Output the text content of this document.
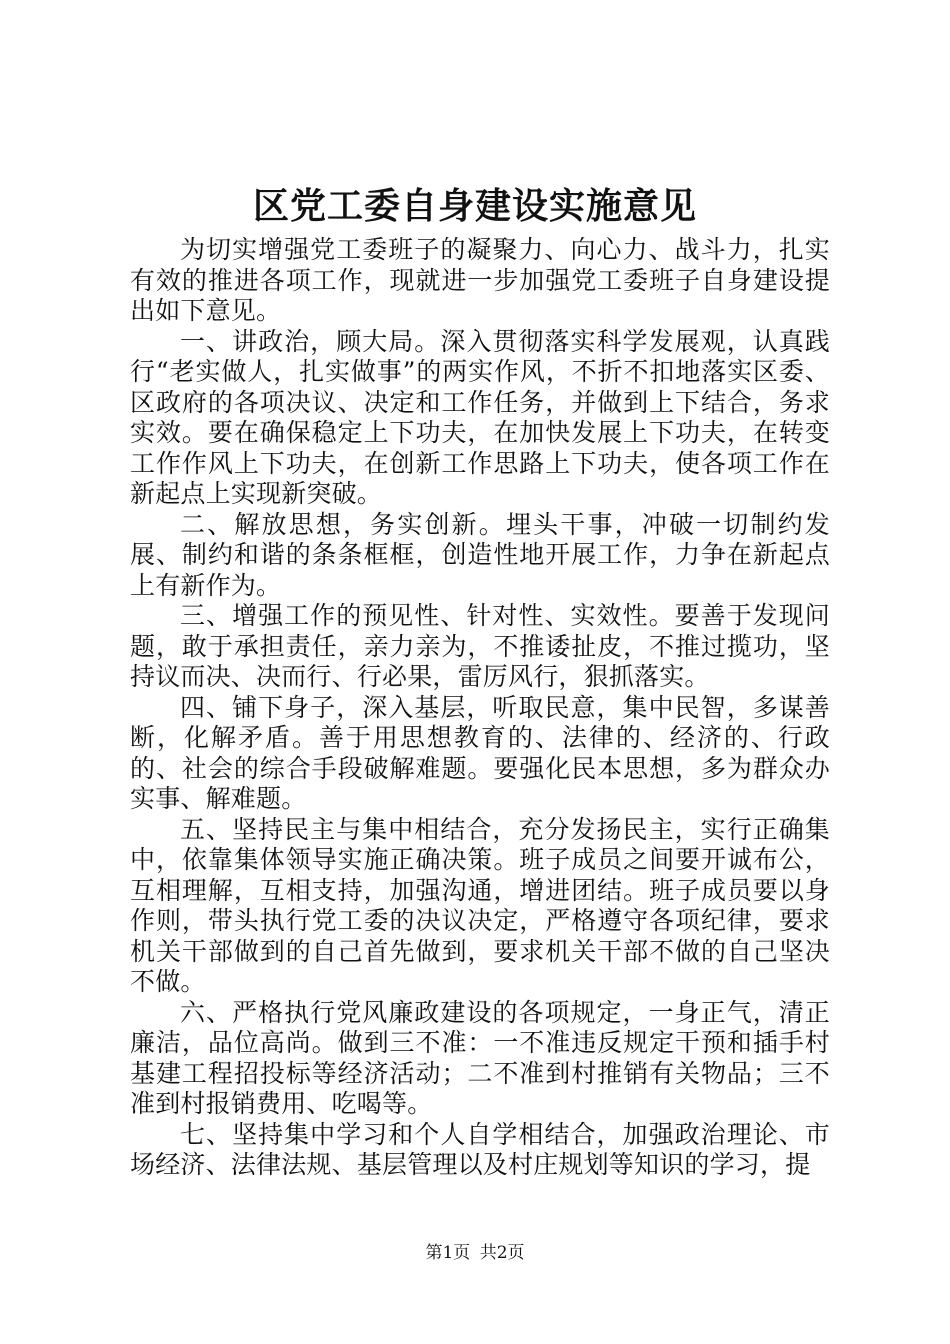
区党工委自身建设实施意见

为切实增强党工委班子的凝聚力、向心力、战斗力，扎实有效的推进各项工作，现就进一步加强党工委班子自身建设提出如下意见。

一、讲政治，顾大局。深入贯彻落实科学发展观，认真践行“老实做人，扎实做事”的两实作风，不折不扣地落实区委、区政府的各项决议、决定和工作任务，并做到上下结合，务求实效。要在确保稳定上下功夫，在加快发展上下功夫，在转变工作作风上下功夫，在创新工作思路上下功夫，使各项工作在新起点上实现新突破。

二、解放思想，务实创新。埋头干事，冲破一切制约发展、制约和谐的条条框框，创造性地开展工作，力争在新起点上有新作为。

三、增强工作的预见性、针对性、实效性。要善于发现问题，敢于承担责任，亲力亲为，不推诿扯皮，不推过揽功，坚持议而决、决而行、行必果，雷厉风行，狠抓落实。

四、铺下身子，深入基层，听取民意，集中民智，多谋善断，化解矛盾。善于用思想教育的、法律的、经济的、行政的、社会的综合手段破解难题。要强化民本思想，多为群众办实事、解难题。

五、坚持民主与集中相结合，充分发扬民主，实行正确集中，依靠集体领导实施正确决策。班子成员之间要开诚布公，互相理解，互相支持，加强沟通，增进团结。班子成员要以身作则，带头执行党工委的决议决定，严格遵守各项纪律，要求机关干部做到的自己首先做到，要求机关干部不做的自己坚决不做。

六、严格执行党风廉政建设的各项规定，一身正气，清正廉洁，品位高尚。做到三不准：一不准违反规定干预和插手村基建工程招投标等经济活动；二不准到村推销有关物品；三不准到村报销费用、吃喝等。

七、坚持集中学习和个人自学相结合，加强政治理论、市场经济、法律法规、基层管理以及村庄规划等知识的学习，提

第1页 共2页
